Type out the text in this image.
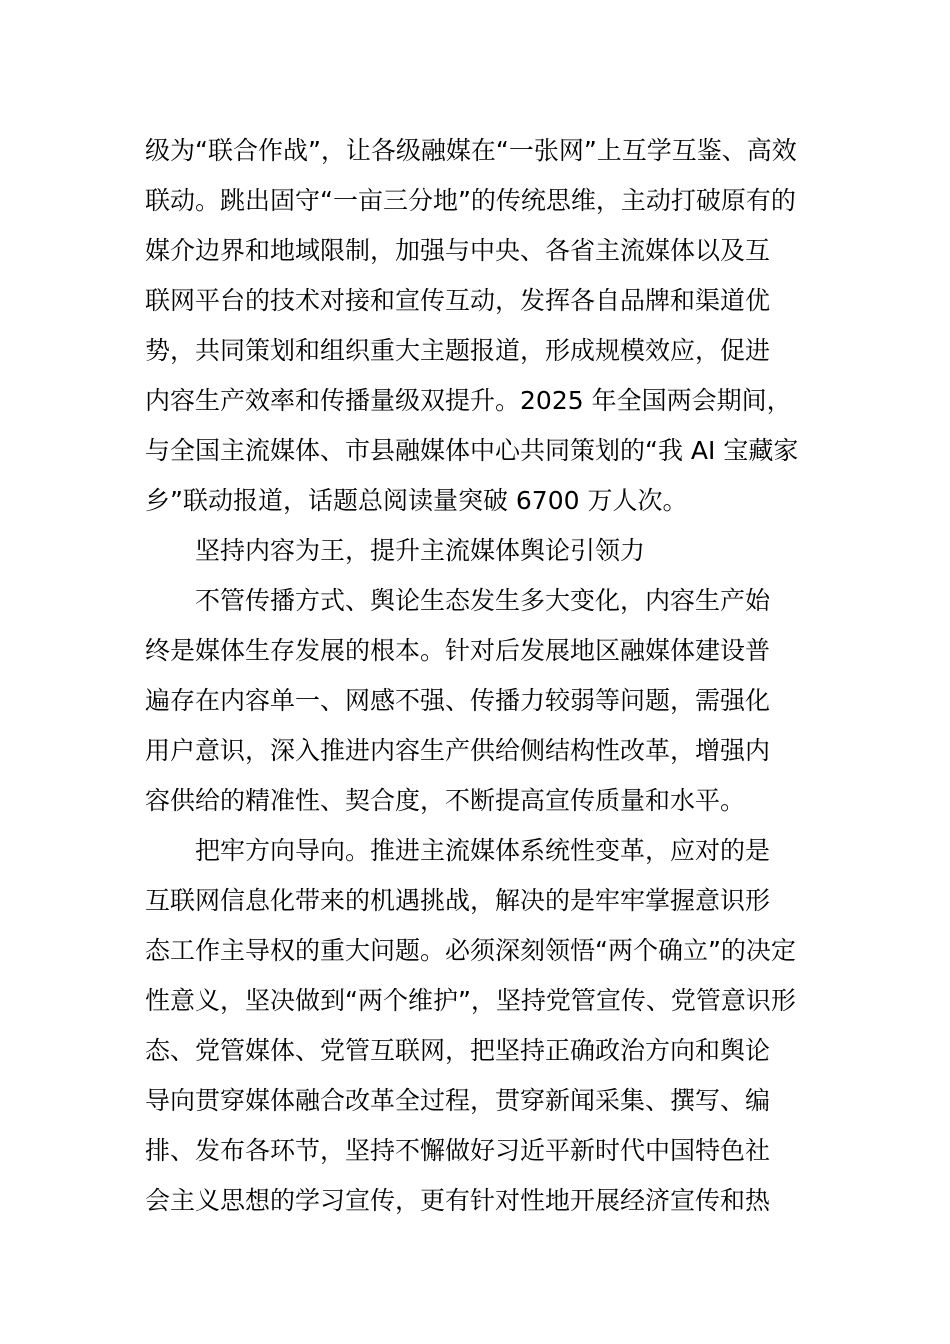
级为“联合作战”，让各级融媒在“一张网”上互学互鉴、高效
联动。跳出固守“一亩三分地”的传统思维，主动打破原有的
媒介边界和地域限制，加强与中央、各省主流媒体以及互
联网平台的技术对接和宣传互动，发挥各自品牌和渠道优
势，共同策划和组织重大主题报道，形成规模效应，促进
内容生产效率和传播量级双提升。2025 年全国两会期间，
与全国主流媒体、市县融媒体中心共同策划的“我 AI 宝藏家
乡”联动报道，话题总阅读量突破 6700 万人次。
坚持内容为王，提升主流媒体舆论引领力
不管传播方式、舆论生态发生多大变化，内容生产始
终是媒体生存发展的根本。针对后发展地区融媒体建设普
遍存在内容单一、网感不强、传播力较弱等问题，需强化
用户意识，深入推进内容生产供给侧结构性改革，增强内
容供给的精准性、契合度，不断提高宣传质量和水平。
把牢方向导向。推进主流媒体系统性变革，应对的是
互联网信息化带来的机遇挑战，解决的是牢牢掌握意识形
态工作主导权的重大问题。必须深刻领悟“两个确立”的决定
性意义，坚决做到“两个维护”，坚持党管宣传、党管意识形
态、党管媒体、党管互联网，把坚持正确政治方向和舆论
导向贯穿媒体融合改革全过程，贯穿新闻采集、撰写、编
排、发布各环节，坚持不懈做好习近平新时代中国特色社
会主义思想的学习宣传，更有针对性地开展经济宣传和热
